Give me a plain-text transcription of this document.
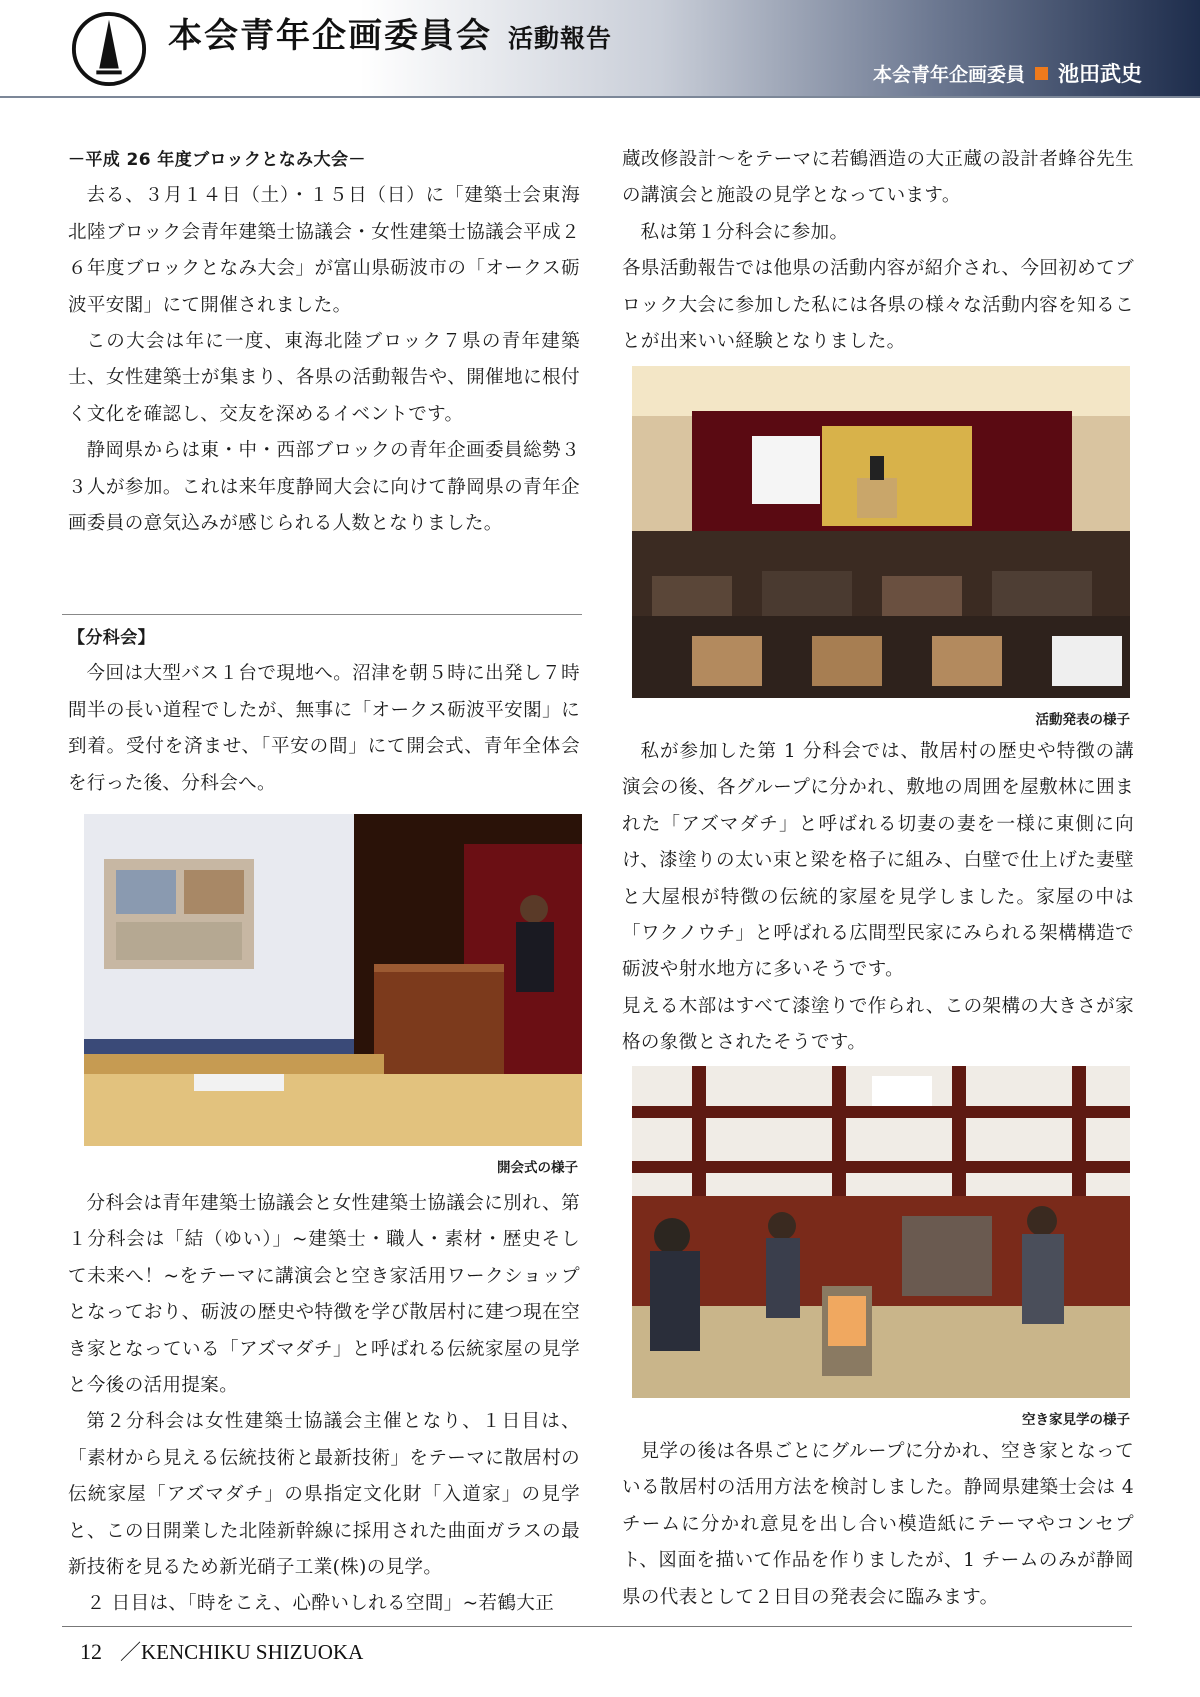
本会青年企画委員会 活動報告
本会青年企画委員 池田武史

－平成 26 年度ブロックとなみ大会－

去る、３月１４日（土）・１５日（日）に「建築士会東海北陸ブロック会青年建築士協議会・女性建築士協議会平成２６年度ブロックとなみ大会」が富山県砺波市の「オークス砺波平安閣」にて開催されました。

この大会は年に一度、東海北陸ブロック７県の青年建築士、女性建築士が集まり、各県の活動報告や、開催地に根付く文化を確認し、交友を深めるイベントです。

静岡県からは東・中・西部ブロックの青年企画委員総勢３３人が参加。これは来年度静岡大会に向けて静岡県の青年企画委員の意気込みが感じられる人数となりました。

【分科会】

今回は大型バス１台で現地へ。沼津を朝５時に出発し７時間半の長い道程でしたが、無事に「オークス砺波平安閣」に到着。受付を済ませ、「平安の間」にて開会式、青年全体会を行った後、分科会へ。

開会式の様子

分科会は青年建築士協議会と女性建築士協議会に別れ、第１分科会は「結（ゆい）」~建築士・職人・素材・歴史そして未来へ！~をテーマに講演会と空き家活用ワークショップとなっており、砺波の歴史や特徴を学び散居村に建つ現在空き家となっている「アズマダチ」と呼ばれる伝統家屋の見学と今後の活用提案。

第２分科会は女性建築士協議会主催となり、１日目は、「素材から見える伝統技術と最新技術」をテーマに散居村の伝統家屋「アズマダチ」の県指定文化財「入道家」の見学と、この日開業した北陸新幹線に採用された曲面ガラスの最新技術を見るため新光硝子工業(株)の見学。

２ 日目は、「時をこえ、心酔いしれる空間」~若鶴大正

蔵改修設計～をテーマに若鶴酒造の大正蔵の設計者蜂谷先生の講演会と施設の見学となっています。

私は第１分科会に参加。

各県活動報告では他県の活動内容が紹介され、今回初めてブロック大会に参加した私には各県の様々な活動内容を知ることが出来いい経験となりました。

活動発表の様子

私が参加した第 1 分科会では、散居村の歴史や特徴の講演会の後、各グループに分かれ、敷地の周囲を屋敷林に囲まれた「アズマダチ」と呼ばれる切妻の妻を一様に東側に向け、漆塗りの太い束と梁を格子に組み、白壁で仕上げた妻壁と大屋根が特徴の伝統的家屋を見学しました。家屋の中は「ワクノウチ」と呼ばれる広間型民家にみられる架構構造で砺波や射水地方に多いそうです。

見える木部はすべて漆塗りで作られ、この架構の大きさが家格の象徴とされたそうです。

空き家見学の様子

見学の後は各県ごとにグループに分かれ、空き家となっている散居村の活用方法を検討しました。静岡県建築士会は 4 チームに分かれ意見を出し合い模造紙にテーマやコンセプト、図面を描いて作品を作りましたが、1 チームのみが静岡県の代表として２日目の発表会に臨みます。

12 ／KENCHIKU SHIZUOKA
